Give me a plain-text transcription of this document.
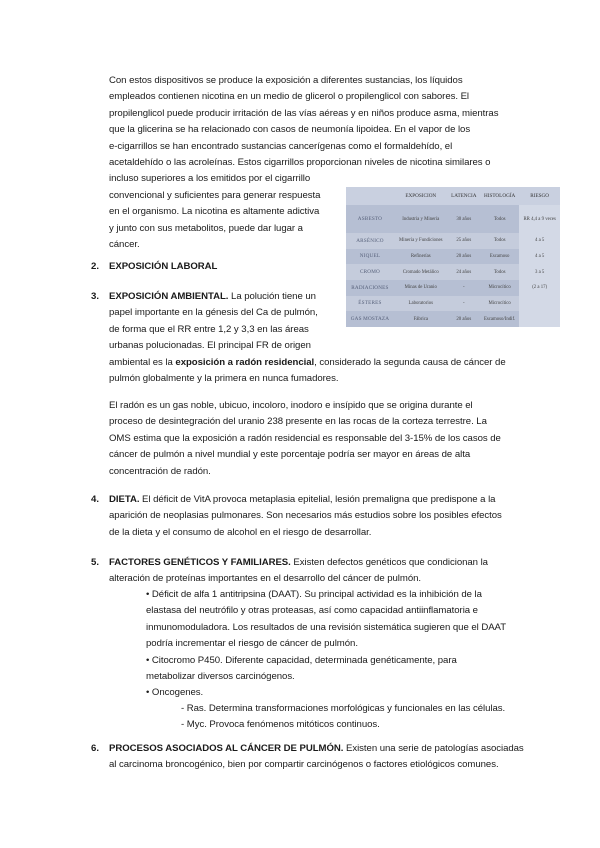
Con estos dispositivos se produce la exposición a diferentes sustancias, los líquidos
empleados contienen nicotina en un medio de glicerol o propilenglicol con sabores. El
propilenglicol puede producir irritación de las vías aéreas y en niños produce asma, mientras
que la glicerina se ha relacionado con casos de neumonía lipoidea. En el vapor de los
e-cigarrillos se han encontrado sustancias cancerígenas como el formaldehído, el
acetaldehído o las acroleínas. Estos cigarrillos proporcionan niveles de nicotina similares o
incluso superiores a los emitidos por el cigarrillo
convencional y suficientes para generar respuesta
en el organismo. La nicotina es altamente adictiva
y junto con sus metabolitos, puede dar lugar a
cáncer.
	EXPOSICION	LATENCIA	HISTOLOGÍA	RIESGO
ASBESTO	Industria y Minería	30 años	Todos	RR 4,4 a 9 veces
ARSÉNICO	Minería y Fundiciones	25 años	Todos	4 a 5
NIQUEL	Refinerías	20 años	Escamoso	4 a 5
CROMO	Cromado Metálico	24 años	Todos	3 a 5
RADIACIONES	Minas de Uranio	-	Microcítico	(2 a 17)
ÉSTERES	Laboratorios	-	Microcítico	
GAS MOSTAZA	Fábrica	20 años	Escamoso/Indif.	
2. EXPOSICIÓN LABORAL
3. EXPOSICIÓN AMBIENTAL. La polución tiene un
papel importante en la génesis del Ca de pulmón,
de forma que el RR entre 1,2 y 3,3 en las áreas
urbanas polucionadas. El principal FR de origen
ambiental es la exposición a radón residencial, considerado la segunda causa de cáncer de
pulmón globalmente y la primera en nunca fumadores.
El radón es un gas noble, ubicuo, incoloro, inodoro e insípido que se origina durante el
proceso de desintegración del uranio 238 presente en las rocas de la corteza terrestre. La
OMS estima que la exposición a radón residencial es responsable del 3-15% de los casos de
cáncer de pulmón a nivel mundial y este porcentaje podría ser mayor en áreas de alta
concentración de radón.
4. DIETA. El déficit de VitA provoca metaplasia epitelial, lesión premaligna que predispone a la
aparición de neoplasias pulmonares. Son necesarios más estudios sobre los posibles efectos
de la dieta y el consumo de alcohol en el riesgo de desarrollar.
5. FACTORES GENÉTICOS Y FAMILIARES. Existen defectos genéticos que condicionan la
alteración de proteínas importantes en el desarrollo del cáncer de pulmón.
• Déficit de alfa 1 antitripsina (DAAT). Su principal actividad es la inhibición de la
elastasa del neutrófilo y otras proteasas, así como capacidad antiinflamatoria e
inmunomoduladora. Los resultados de una revisión sistemática sugieren que el DAAT
podría incrementar el riesgo de cáncer de pulmón.
• Citocromo P450. Diferente capacidad, determinada genéticamente, para
metabolizar diversos carcinógenos.
• Oncogenes.
- Ras. Determina transformaciones morfológicas y funcionales en las células.
- Myc. Provoca fenómenos mitóticos continuos.
6. PROCESOS ASOCIADOS AL CÁNCER DE PULMÓN. Existen una serie de patologías asociadas
al carcinoma broncogénico, bien por compartir carcinógenos o factores etiológicos comunes.
